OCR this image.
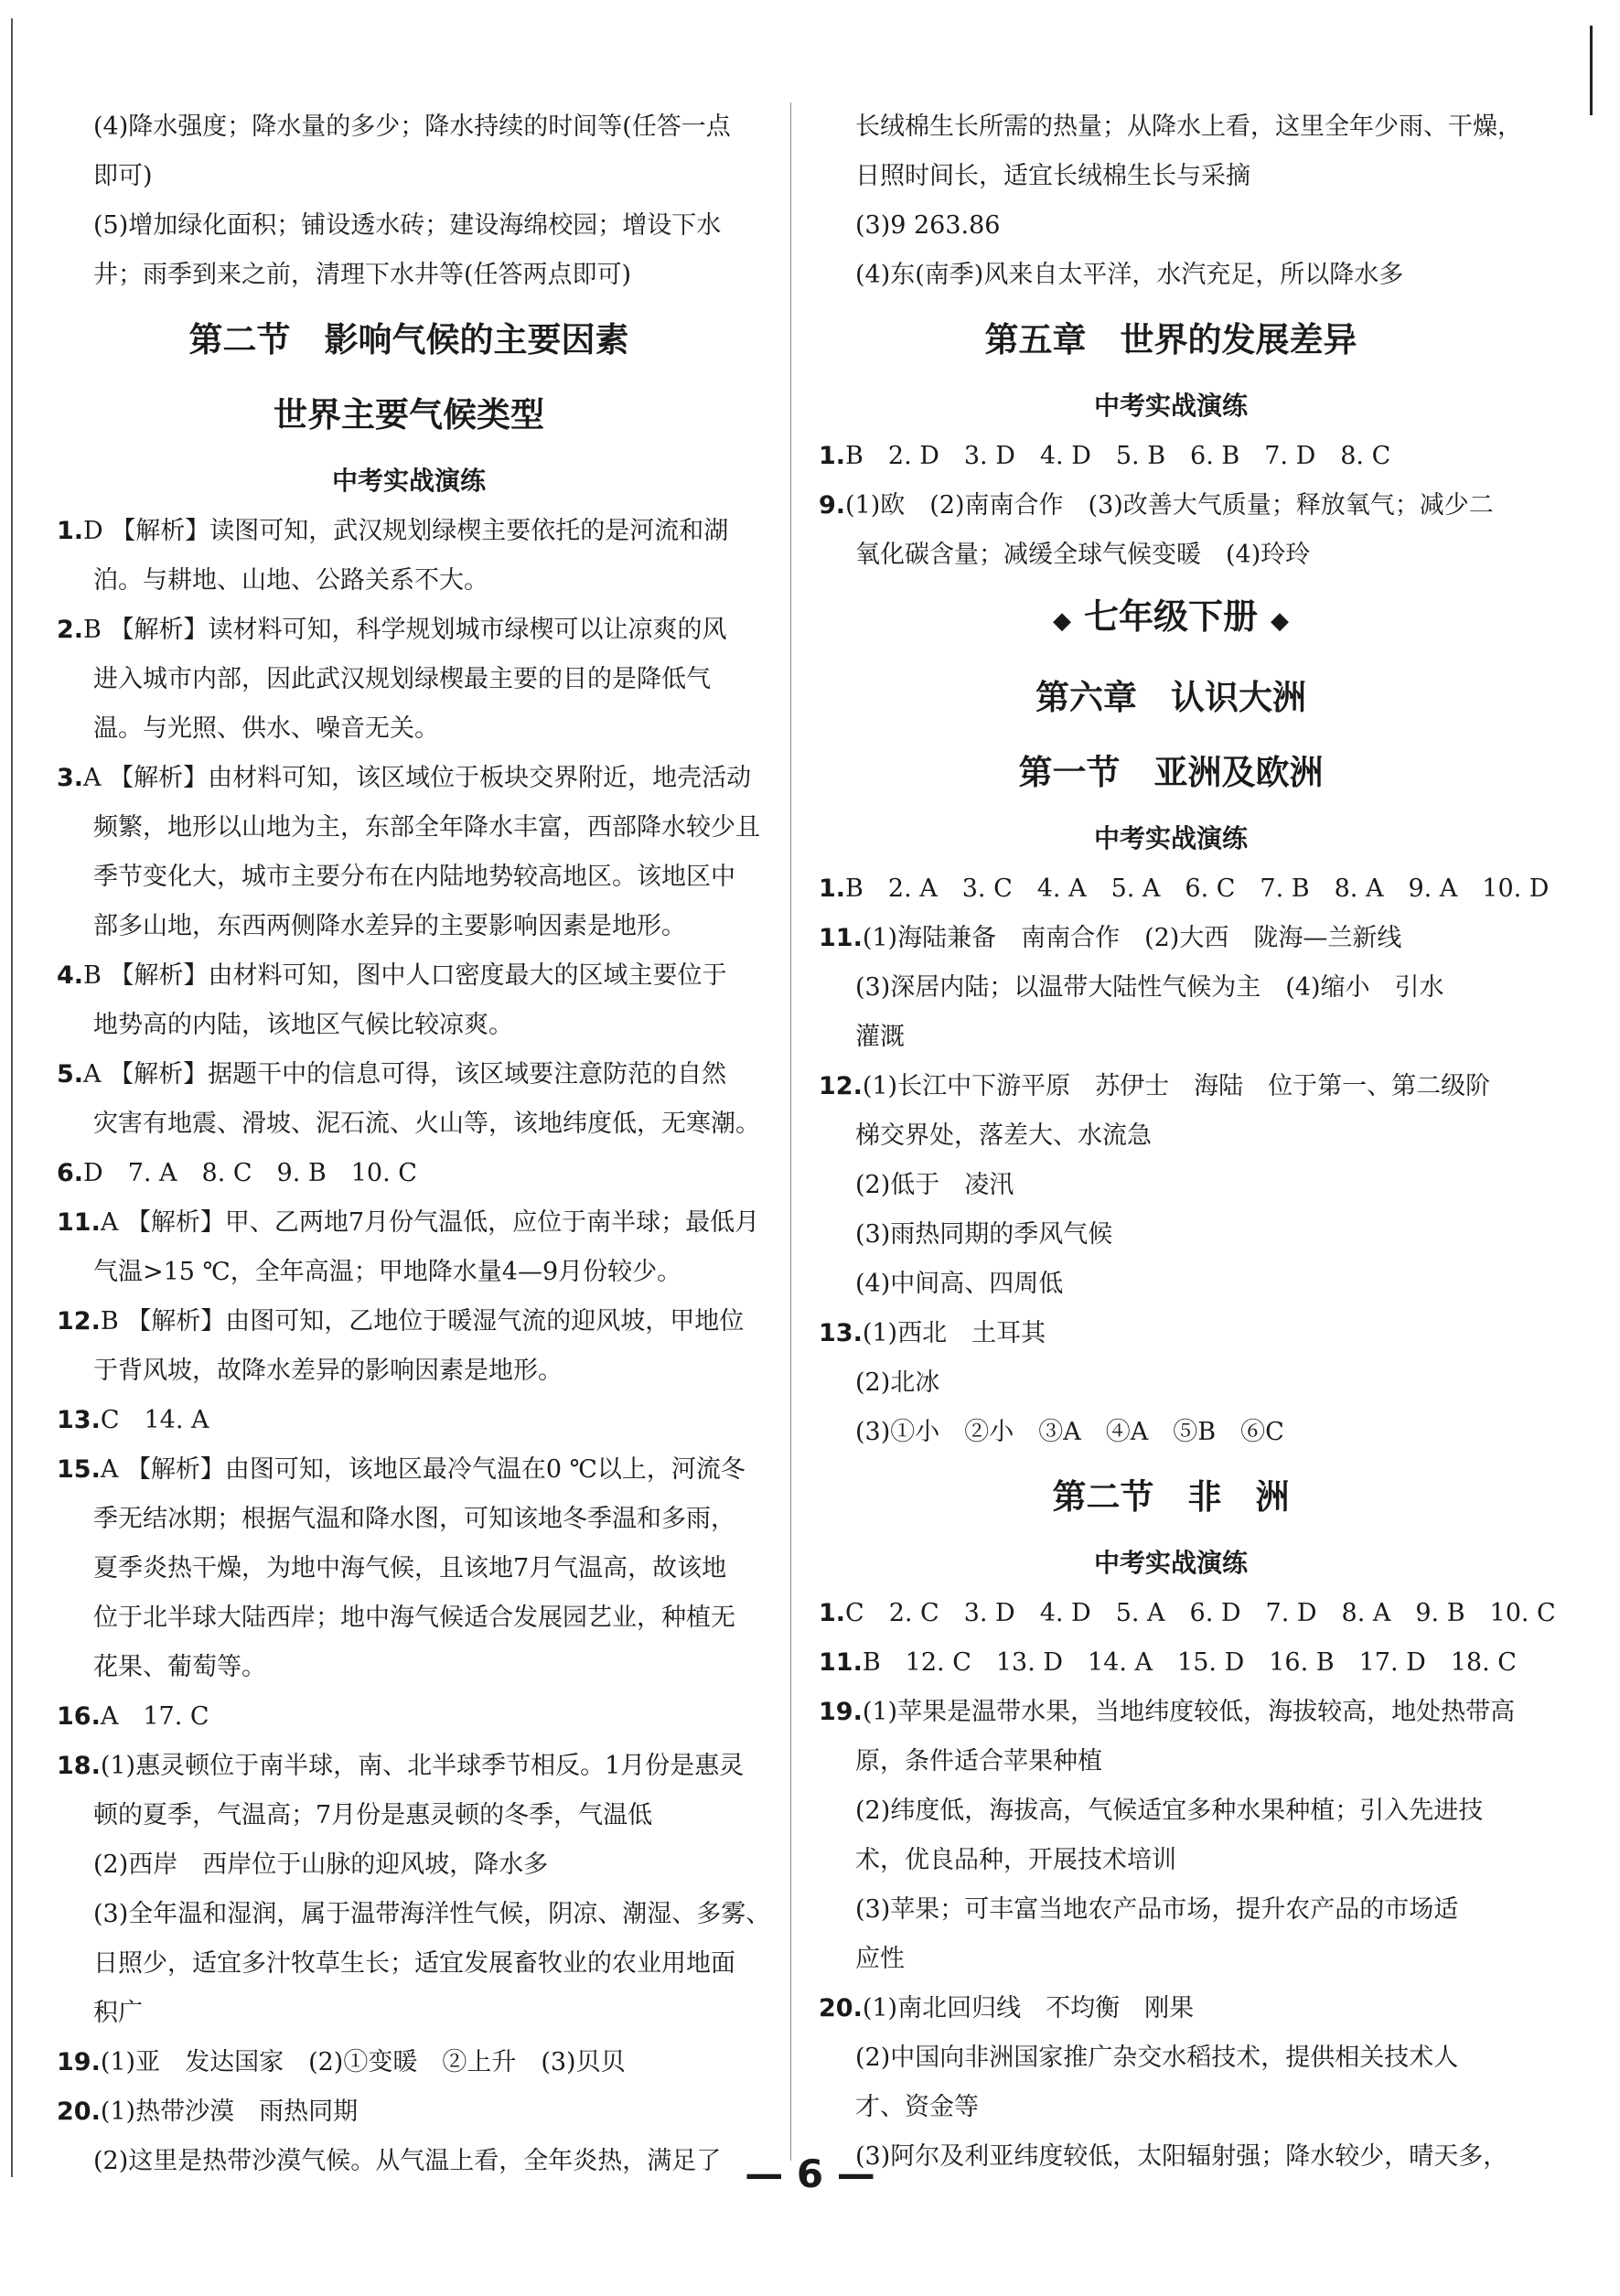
(4)降水强度；降水量的多少；降水持续的时间等(任答一点
即可)
(5)增加绿化面积；铺设透水砖；建设海绵校园；增设下水
井；雨季到来之前，清理下水井等(任答两点即可)
第二节　影响气候的主要因素
世界主要气候类型
中考实战演练
1.D 【解析】读图可知，武汉规划绿楔主要依托的是河流和湖
泊。与耕地、山地、公路关系不大。
2.B 【解析】读材料可知，科学规划城市绿楔可以让凉爽的风
进入城市内部，因此武汉规划绿楔最主要的目的是降低气
温。与光照、供水、噪音无关。
3.A 【解析】由材料可知，该区域位于板块交界附近，地壳活动
频繁，地形以山地为主，东部全年降水丰富，西部降水较少且
季节变化大，城市主要分布在内陆地势较高地区。该地区中
部多山地，东西两侧降水差异的主要影响因素是地形。
4.B 【解析】由材料可知，图中人口密度最大的区域主要位于
地势高的内陆，该地区气候比较凉爽。
5.A 【解析】据题干中的信息可得，该区域要注意防范的自然
灾害有地震、滑坡、泥石流、火山等，该地纬度低，无寒潮。
6.D　7. A　8. C　9. B　10. C
11.A 【解析】甲、乙两地7月份气温低，应位于南半球；最低月
气温>15 ℃，全年高温；甲地降水量4—9月份较少。
12.B 【解析】由图可知，乙地位于暖湿气流的迎风坡，甲地位
于背风坡，故降水差异的影响因素是地形。
13.C　14. A
15.A 【解析】由图可知，该地区最冷气温在0 ℃以上，河流冬
季无结冰期；根据气温和降水图，可知该地冬季温和多雨，
夏季炎热干燥，为地中海气候，且该地7月气温高，故该地
位于北半球大陆西岸；地中海气候适合发展园艺业，种植无
花果、葡萄等。
16.A　17. C
18.(1)惠灵顿位于南半球，南、北半球季节相反。1月份是惠灵
顿的夏季，气温高；7月份是惠灵顿的冬季，气温低
(2)西岸　西岸位于山脉的迎风坡，降水多
(3)全年温和湿润，属于温带海洋性气候，阴凉、潮湿、多雾、
日照少，适宜多汁牧草生长；适宜发展畜牧业的农业用地面
积广
19.(1)亚　发达国家　(2)①变暖　②上升　(3)贝贝
20.(1)热带沙漠　雨热同期
(2)这里是热带沙漠气候。从气温上看，全年炎热，满足了
长绒棉生长所需的热量；从降水上看，这里全年少雨、干燥，
日照时间长，适宜长绒棉生长与采摘
(3)9 263.86
(4)东(南季)风来自太平洋，水汽充足，所以降水多
第五章　世界的发展差异
中考实战演练
1.B　2. D　3. D　4. D　5. B　6. B　7. D　8. C
9.(1)欧　(2)南南合作　(3)改善大气质量；释放氧气；减少二
氧化碳含量；减缓全球气候变暖　(4)玲玲
◆ 七年级下册 ◆
第六章　认识大洲
第一节　亚洲及欧洲
中考实战演练
1.B　2. A　3. C　4. A　5. A　6. C　7. B　8. A　9. A　10. D
11.(1)海陆兼备　南南合作　(2)大西　陇海—兰新线
(3)深居内陆；以温带大陆性气候为主　(4)缩小　引水
灌溉
12.(1)长江中下游平原　苏伊士　海陆　位于第一、第二级阶
梯交界处，落差大、水流急
(2)低于　凌汛
(3)雨热同期的季风气候
(4)中间高、四周低
13.(1)西北　土耳其
(2)北冰
(3)①小　②小　③A　④A　⑤B　⑥C
第二节　非　洲
中考实战演练
1.C　2. C　3. D　4. D　5. A　6. D　7. D　8. A　9. B　10. C
11.B　12. C　13. D　14. A　15. D　16. B　17. D　18. C
19.(1)苹果是温带水果，当地纬度较低，海拔较高，地处热带高
原，条件适合苹果种植
(2)纬度低，海拔高，气候适宜多种水果种植；引入先进技
术，优良品种，开展技术培训
(3)苹果；可丰富当地农产品市场，提升农产品的市场适
应性
20.(1)南北回归线　不均衡　刚果
(2)中国向非洲国家推广杂交水稻技术，提供相关技术人
才、资金等
(3)阿尔及利亚纬度较低，太阳辐射强；降水较少，晴天多，
— 6 —
